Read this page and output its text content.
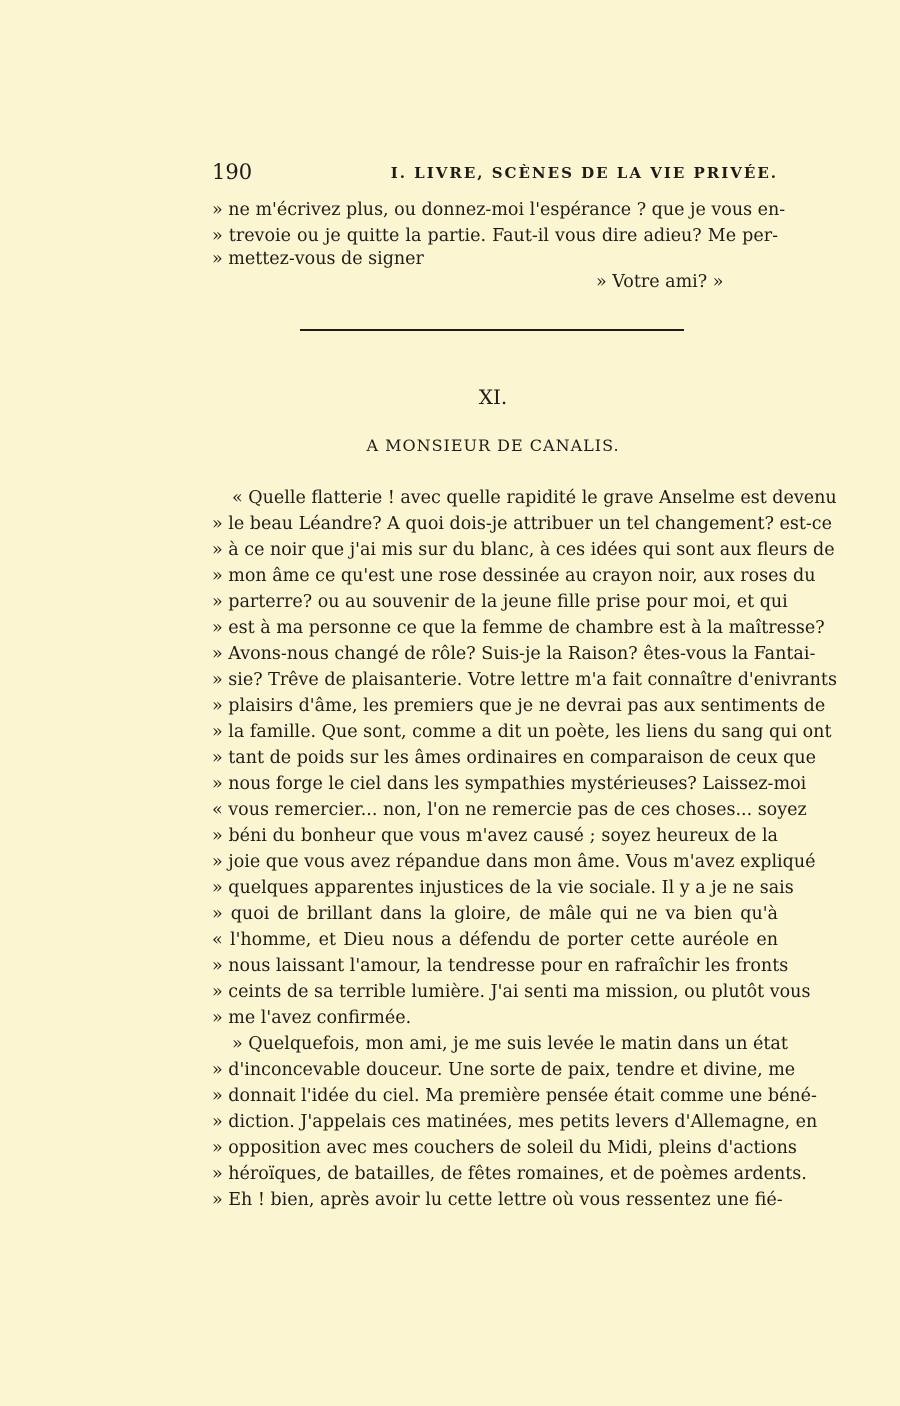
190	I. LIVRE, SCÈNES DE LA VIE PRIVÉE.
» ne m'écrivez plus, ou donnez-moi l'espérance ? que je vous en-
» trevoie ou je quitte la partie. Faut-il vous dire adieu? Me per-
» mettez-vous de signer
» Votre ami? »
XI.
A MONSIEUR DE CANALIS.
« Quelle flatterie ! avec quelle rapidité le grave Anselme est devenu
» le beau Léandre? A quoi dois-je attribuer un tel changement? est-ce
» à ce noir que j'ai mis sur du blanc, à ces idées qui sont aux fleurs de
» mon âme ce qu'est une rose dessinée au crayon noir, aux roses du
» parterre? ou au souvenir de la jeune fille prise pour moi, et qui
» est à ma personne ce que la femme de chambre est à la maîtresse?
» Avons-nous changé de rôle? Suis-je la Raison? êtes-vous la Fantai-
» sie? Trêve de plaisanterie. Votre lettre m'a fait connaître d'enivrants
» plaisirs d'âme, les premiers que je ne devrai pas aux sentiments de
» la famille. Que sont, comme a dit un poète, les liens du sang qui ont
» tant de poids sur les âmes ordinaires en comparaison de ceux que
» nous forge le ciel dans les sympathies mystérieuses? Laissez-moi
« vous remercier... non, l'on ne remercie pas de ces choses... soyez
» béni du bonheur que vous m'avez causé ; soyez heureux de la
» joie que vous avez répandue dans mon âme. Vous m'avez expliqué
» quelques apparentes injustices de la vie sociale. Il y a je ne sais
» quoi de brillant dans la gloire, de mâle qui ne va bien qu'à
« l'homme, et Dieu nous a défendu de porter cette auréole en
» nous laissant l'amour, la tendresse pour en rafraîchir les fronts
» ceints de sa terrible lumière. J'ai senti ma mission, ou plutôt vous
» me l'avez confirmée.
» Quelquefois, mon ami, je me suis levée le matin dans un état
» d'inconcevable douceur. Une sorte de paix, tendre et divine, me
» donnait l'idée du ciel. Ma première pensée était comme une béné-
» diction. J'appelais ces matinées, mes petits levers d'Allemagne, en
» opposition avec mes couchers de soleil du Midi, pleins d'actions
» héroïques, de batailles, de fêtes romaines, et de poèmes ardents.
» Eh ! bien, après avoir lu cette lettre où vous ressentez une fié-
